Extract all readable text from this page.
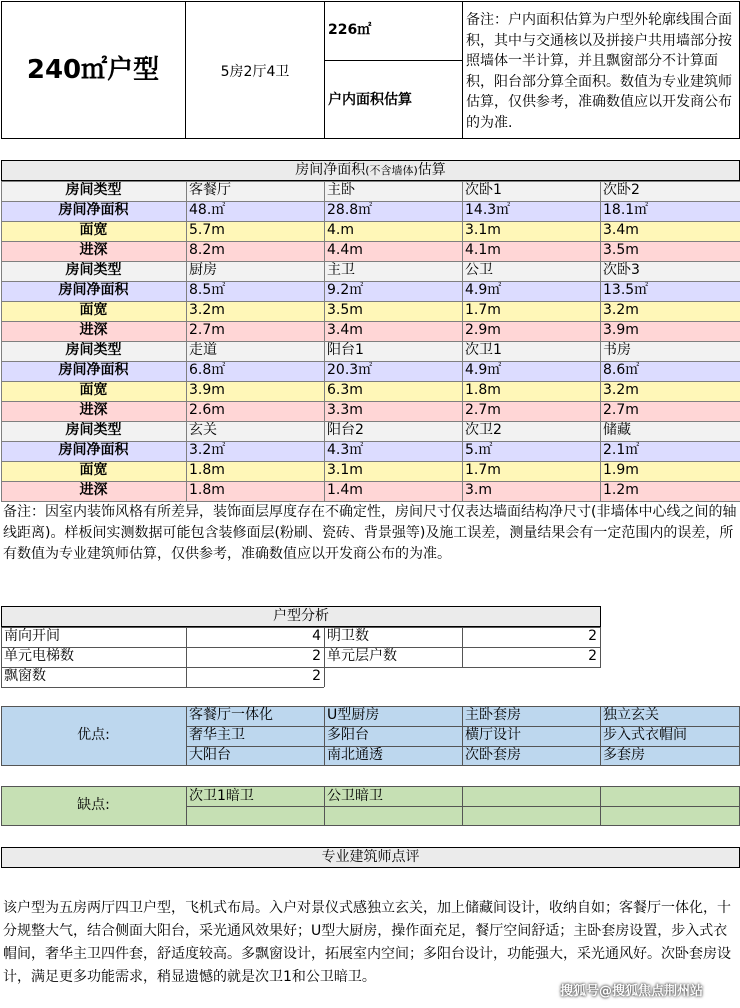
240㎡户型	5房2厅4卫
226㎡
户内面积估算
备注：户内面积估算为户型外轮廓线围合面积，其中与交通核以及拼接户共用墙部分按照墙体一半计算，并且飘窗部分不计算面积，阳台部分算全面积。数值为专业建筑师估算，仅供参考，准确数值应以开发商公布的为准.
房间净面积(不含墙体)估算
房间类型	客餐厅	主卧	次卧1	次卧2
房间净面积	48.㎡	28.8㎡	14.3㎡	18.1㎡
面宽	5.7m	4.m	3.1m	3.4m
进深	8.2m	4.4m	4.1m	3.5m
房间类型	厨房	主卫	公卫	次卧3
房间净面积	8.5㎡	9.2㎡	4.9㎡	13.5㎡
面宽	3.2m	3.5m	1.7m	3.2m
进深	2.7m	3.4m	2.9m	3.9m
房间类型	走道	阳台1	次卫1	书房
房间净面积	6.8㎡	20.3㎡	4.9㎡	8.6㎡
面宽	3.9m	6.3m	1.8m	3.2m
进深	2.6m	3.3m	2.7m	2.7m
房间类型	玄关	阳台2	次卫2	储藏
房间净面积	3.2㎡	4.3㎡	5.㎡	2.1㎡
面宽	1.8m	3.1m	1.7m	1.9m
进深	1.8m	1.4m	3.m	1.2m
备注：因室内装饰风格有所差异，装饰面层厚度存在不确定性，房间尺寸仅表达墙面结构净尺寸(非墙体中心线之间的轴线距离)。样板间实测数据可能包含装修面层(粉刷、瓷砖、背景强等)及施工误差，测量结果会有一定范围内的误差，所有数值为专业建筑师估算，仅供参考，准确数值应以开发商公布的为准。
户型分析
南向开间	4 明卫数	2
单元电梯数	2 单元层户数	2
飘窗数	2
优点:
客餐厅一体化	U型厨房	主卧套房	独立玄关
奢华主卫	多阳台	横厅设计	步入式衣帽间
大阳台	南北通透	次卧套房	多套房
缺点:
次卫1暗卫	公卫暗卫
专业建筑师点评
该户型为五房两厅四卫户型，飞机式布局。入户对景仪式感独立玄关，加上储藏间设计，收纳自如；客餐厅一体化，十分规整大气，结合侧面大阳台，采光通风效果好；U型大厨房，操作面充足，餐厅空间舒适；主卧套房设置，步入式衣帽间，奢华主卫四件套，舒适度较高。多飘窗设计，拓展室内空间；多阳台设计，功能强大，采光通风好。次卧套房设计，满足更多功能需求，稍显遗憾的就是次卫1和公卫暗卫。
搜狐号@搜狐焦点荆州站
